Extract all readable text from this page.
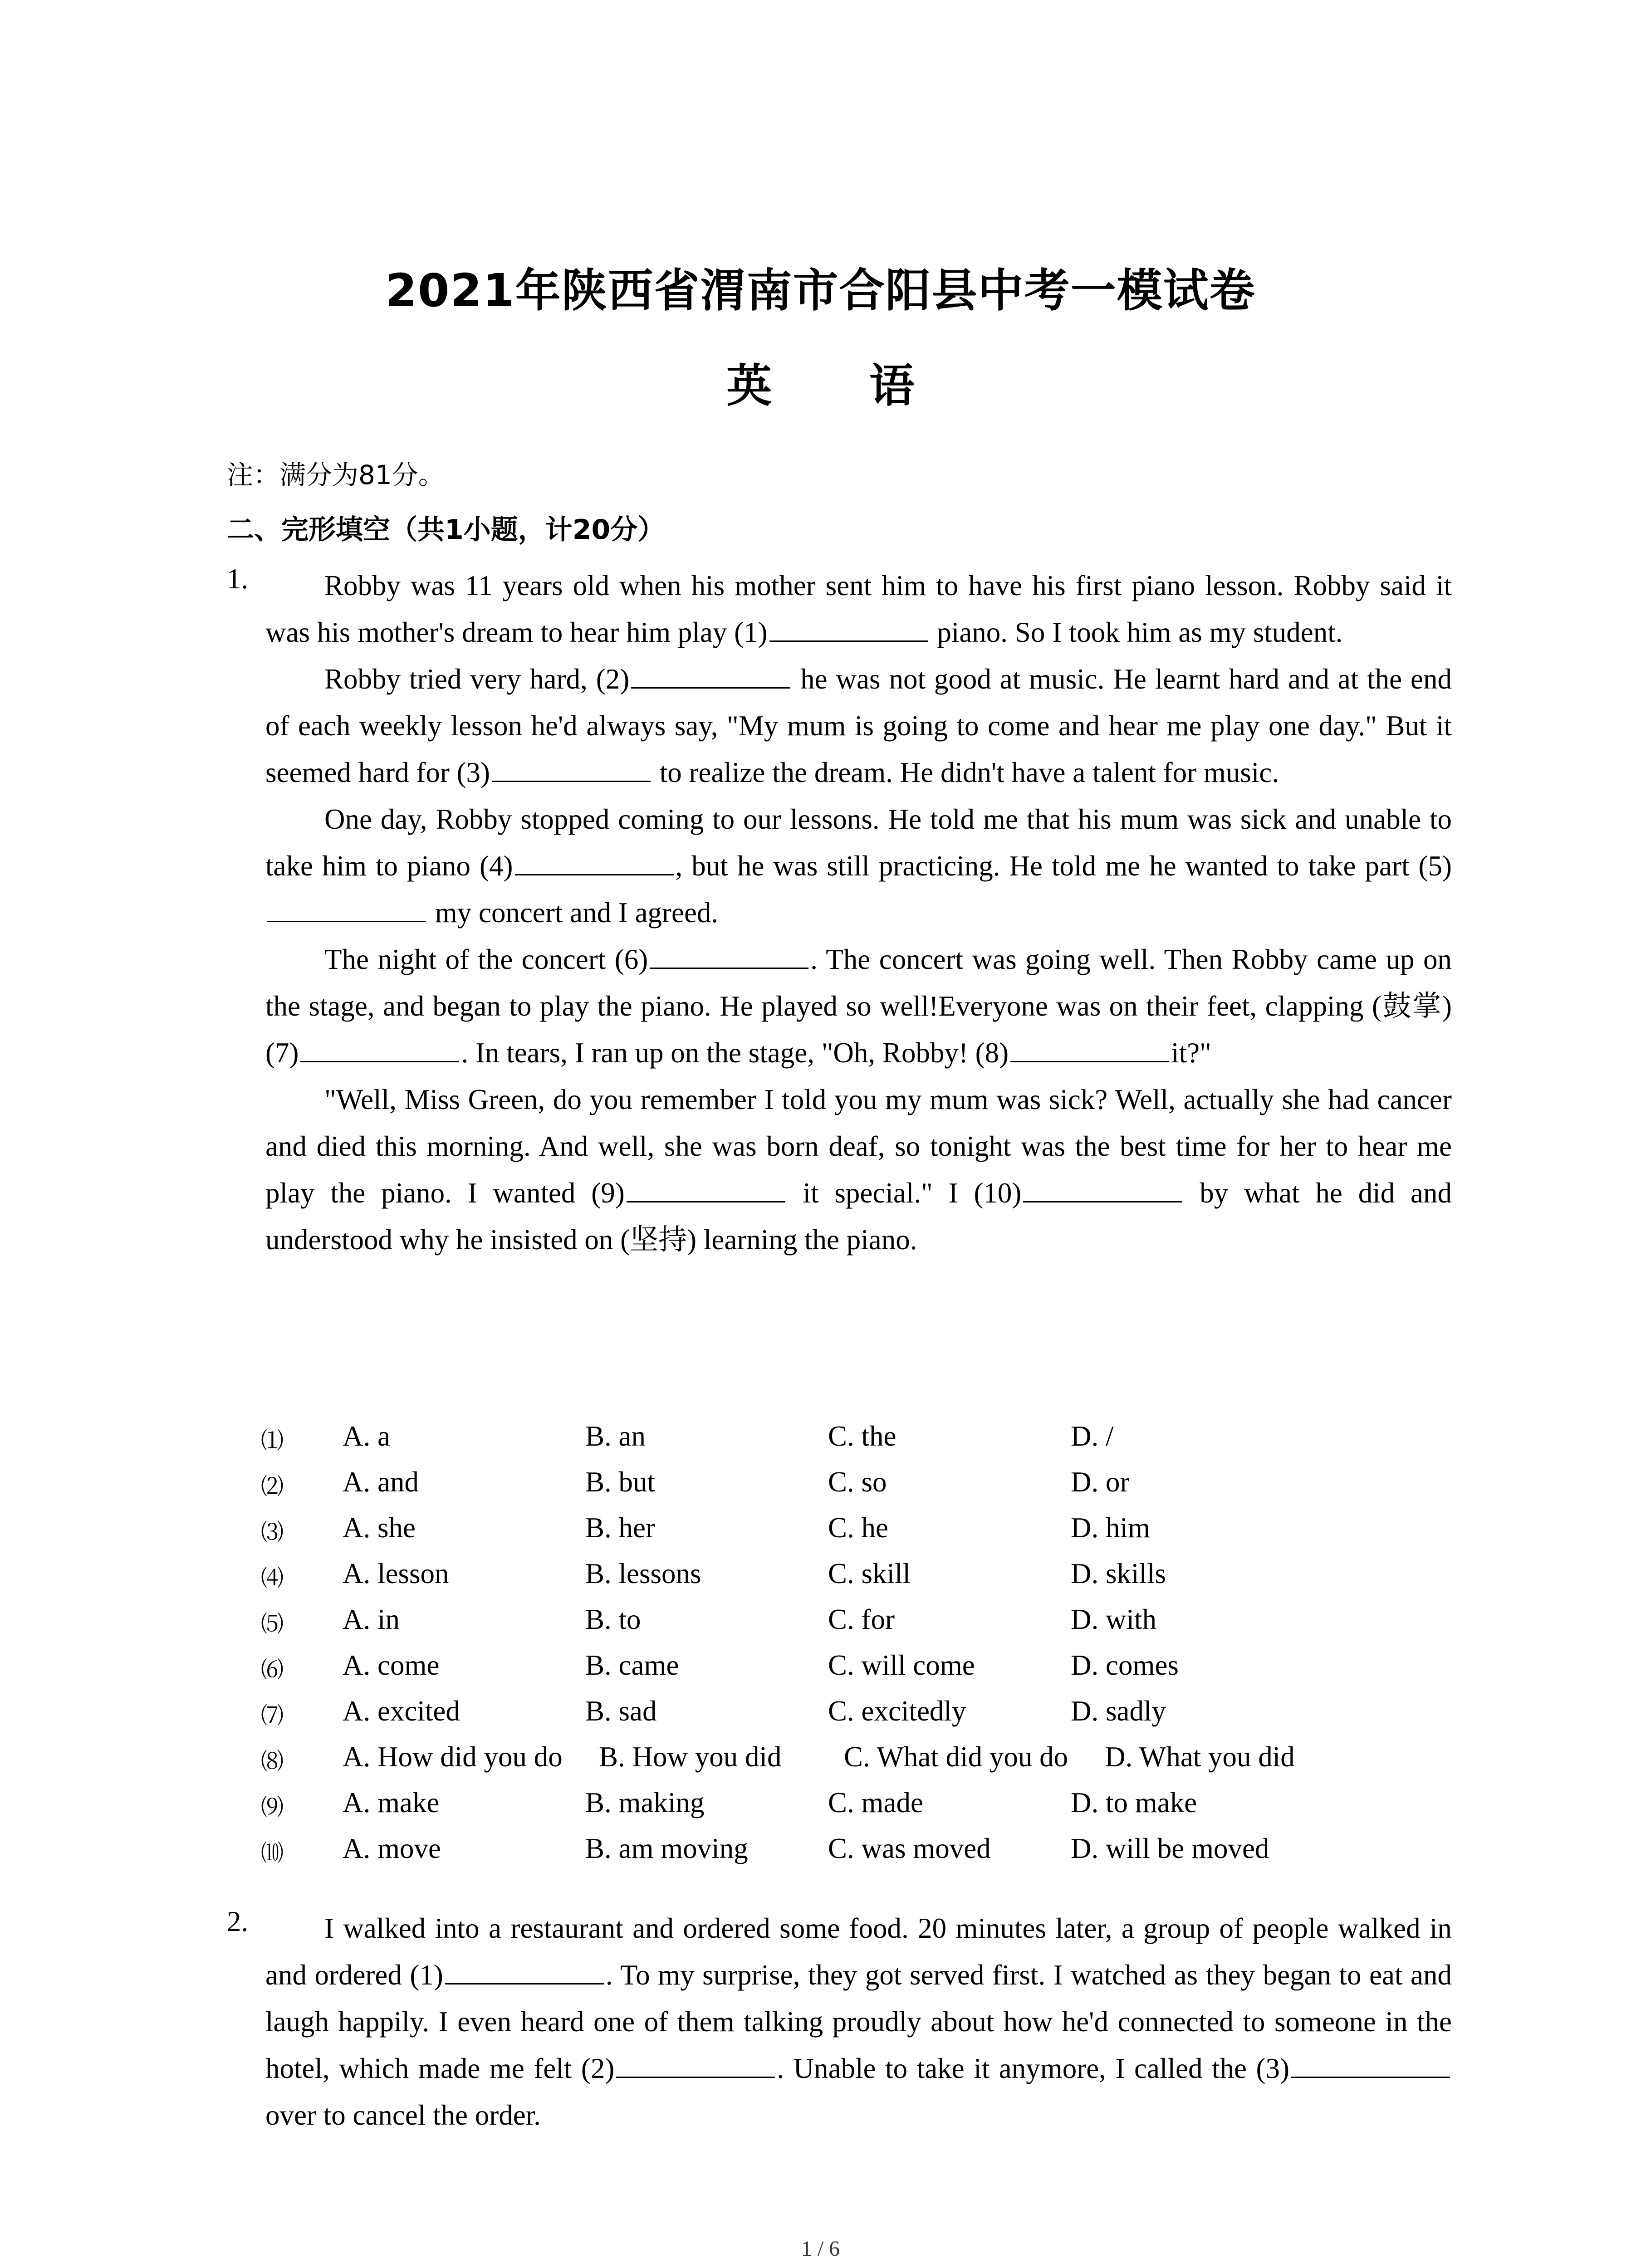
2021年陕西省渭南市合阳县中考一模试卷
英 语
注：满分为81分。
二、完形填空（共1小题，计20分）
1.	Robby was 11 years old when his mother sent him to have his first piano lesson. Robby said it was his mother's dream to hear him play (1)	piano. So I took him as my student.

Robby tried very hard, (2)	he was not good at music. He learnt hard and at the end of each weekly lesson he'd always say, "My mum is going to come and hear me play one day." But it seemed hard for (3)	to realize the dream. He didn't have a talent for music.

One day, Robby stopped coming to our lessons. He told me that his mum was sick and unable to take him to piano (4)	, but he was still practicing. He told me he wanted to take part (5) my concert and I agreed.

The night of the concert (6)	. The concert was going well. Then Robby came up on the stage, and began to play the piano. He played so well!Everyone was on their feet, clapping (鼓掌) (7)	. In tears, I ran up on the stage, "Oh, Robby! (8)	it?"

"Well, Miss Green, do you remember I told you my mum was sick? Well, actually she had cancer and died this morning. And well, she was born deaf, so tonight was the best time for her to hear me play the piano. I wanted (9)	it special." I (10)	by what he did and understood why he insisted on (坚持) learning the piano.

⑴ A. a	B. an	C. the	D. /
⑵ A. and	B. but	C. so	D. or
⑶ A. she	B. her	C. he	D. him
⑷ A. lesson	B. lessons	C. skill	D. skills
⑸ A. in	B. to	C. for	D. with
⑹ A. come	B. came	C. will come	D. comes
⑺ A. excited	B. sad	C. excitedly	D. sadly
⑻ A. How did you do B. How you did C. What did you do D. What you did
⑼ A. make	B. making	C. made	D. to make
⑽ A. move	B. am moving	C. was moved	D. will be moved
2.	I walked into a restaurant and ordered some food. 20 minutes later, a group of people walked in and ordered (1)	. To my surprise, they got served first. I watched as they began to eat and laugh happily. I even heard one of them talking proudly about how he'd connected to someone in the hotel, which made me felt (2)	. Unable to take it anymore, I called the (3) over to cancel the order.

1 / 6
